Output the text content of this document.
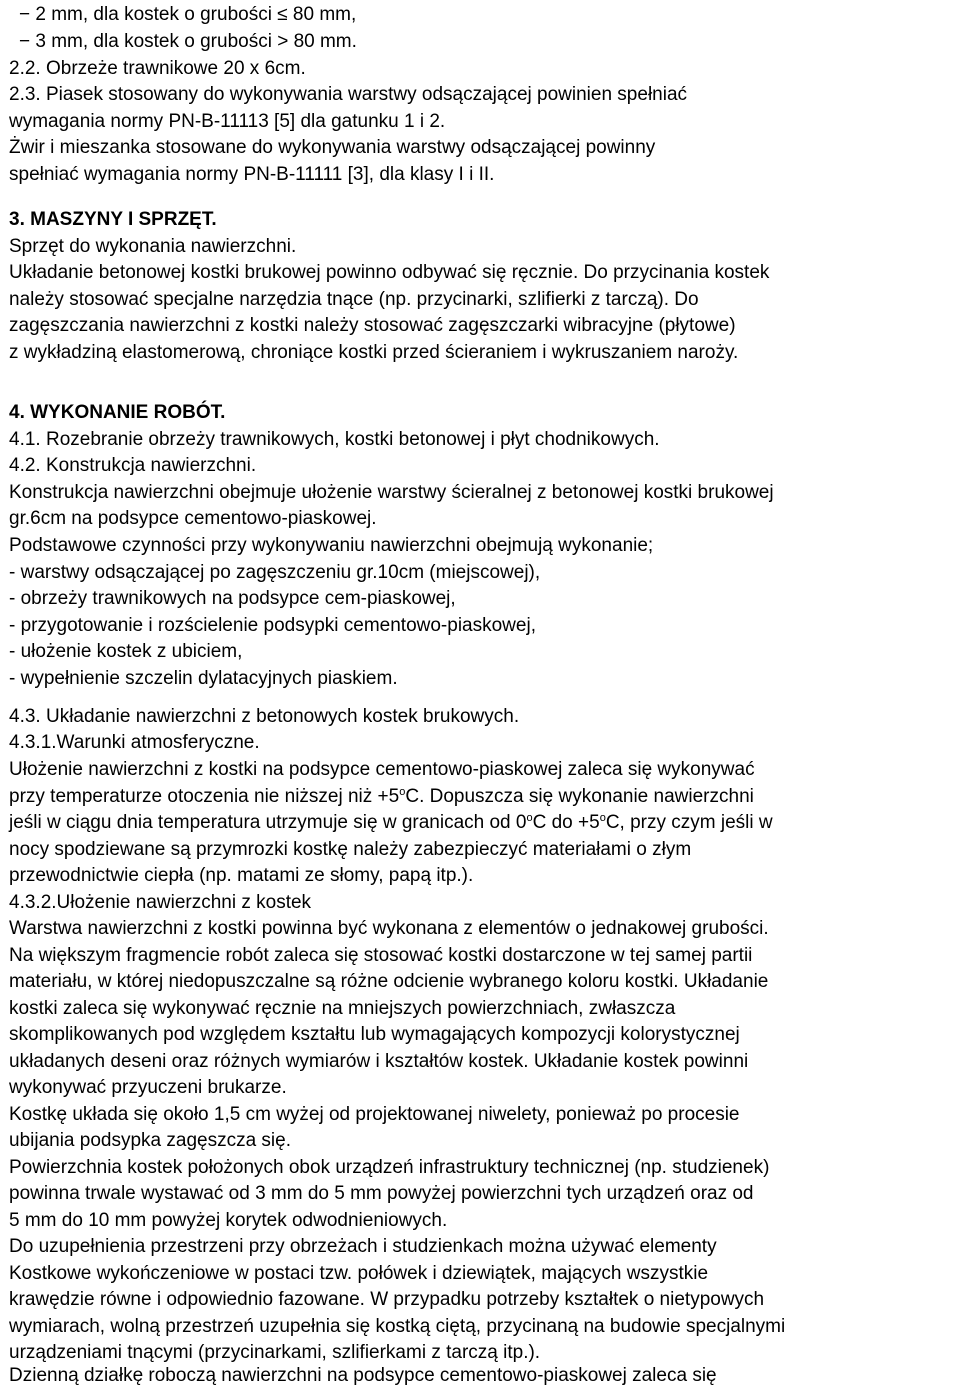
− 2 mm, dla kostek o grubości ≤ 80 mm,
− 3 mm, dla kostek o grubości > 80 mm.
2.2. Obrzeże trawnikowe 20 x 6cm.
2.3. Piasek stosowany do wykonywania warstwy odsączającej powinien spełniać
wymagania normy PN-B-11113 [5] dla gatunku 1 i 2.
Żwir i mieszanka stosowane do wykonywania warstwy odsączającej powinny
spełniać wymagania normy PN-B-11111 [3], dla klasy I i II.
3. MASZYNY I SPRZĘT.
Sprzęt do wykonania nawierzchni.
Układanie betonowej kostki brukowej powinno odbywać się ręcznie. Do przycinania kostek
należy stosować specjalne narzędzia tnące (np. przycinarki, szlifierki z tarczą). Do
zagęszczania nawierzchni z kostki należy stosować zagęszczarki wibracyjne (płytowe)
z wykładziną elastomerową, chroniące kostki przed ścieraniem i wykruszaniem naroży.
4. WYKONANIE ROBÓT.
4.1. Rozebranie obrzeży trawnikowych, kostki betonowej i płyt chodnikowych.
4.2. Konstrukcja nawierzchni.
Konstrukcja nawierzchni obejmuje ułożenie warstwy ścieralnej z betonowej kostki brukowej
gr.6cm na podsypce cementowo-piaskowej.
Podstawowe czynności przy wykonywaniu nawierzchni obejmują wykonanie;
- warstwy odsączającej po zagęszczeniu gr.10cm (miejscowej),
- obrzeży trawnikowych na podsypce cem-piaskowej,
- przygotowanie i rozścielenie podsypki cementowo-piaskowej,
- ułożenie kostek z ubiciem,
- wypełnienie szczelin dylatacyjnych piaskiem.
4.3. Układanie nawierzchni z betonowych kostek brukowych.
4.3.1.Warunki atmosferyczne.
Ułożenie nawierzchni z kostki na podsypce cementowo-piaskowej zaleca się wykonywać
przy temperaturze otoczenia nie niższej niż $+5^oC$. Dopuszcza się wykonanie nawierzchni
jeśli w ciągu dnia temperatura utrzymuje się w granicach od 0$^o$C do $+5^oC$, przy czym jeśli w
nocy spodziewane są przymrozki kostkę należy zabezpieczyć materiałami o złym
przewodnictwie ciepła (np. matami ze słomy, papą itp.).
4.3.2.Ułożenie nawierzchni z kostek
Warstwa nawierzchni z kostki powinna być wykonana z elementów o jednakowej grubości.
Na większym fragmencie robót zaleca się stosować kostki dostarczone w tej samej partii
materiału, w której niedopuszczalne są różne odcienie wybranego koloru kostki. Układanie
kostki zaleca się wykonywać ręcznie na mniejszych powierzchniach, zwłaszcza
skomplikowanych pod względem kształtu lub wymagających kompozycji kolorystycznej
układanych deseni oraz różnych wymiarów i kształtów kostek. Układanie kostek powinni
wykonywać przyuczeni brukarze.
Kostkę układa się około 1,5 cm wyżej od projektowanej niwelety, ponieważ po procesie
ubijania podsypka zagęszcza się.
Powierzchnia kostek położonych obok urządzeń infrastruktury technicznej (np. studzienek)
powinna trwale wystawać od 3 mm do 5 mm powyżej powierzchni tych urządzeń oraz od
5 mm do 10 mm powyżej korytek odwodnieniowych.
Do uzupełnienia przestrzeni przy obrzeżach i studzienkach można używać elementy
Kostkowe wykończeniowe w postaci tzw. połówek i dziewiątek, mających wszystkie
krawędziе równe i odpowiednio fazowane. W przypadku potrzeby kształtek o nietypowych
wymiarach, wolną przestrzeń uzupełnia się kostką ciętą, przycinaną na budowie specjalnymi
urządzeniami tnącymi (przycinarkami, szlifierkami z tarczą itp.).
Dzienną działkę roboczą nawierzchni na podsypce cementowo-piaskowej zaleca się
